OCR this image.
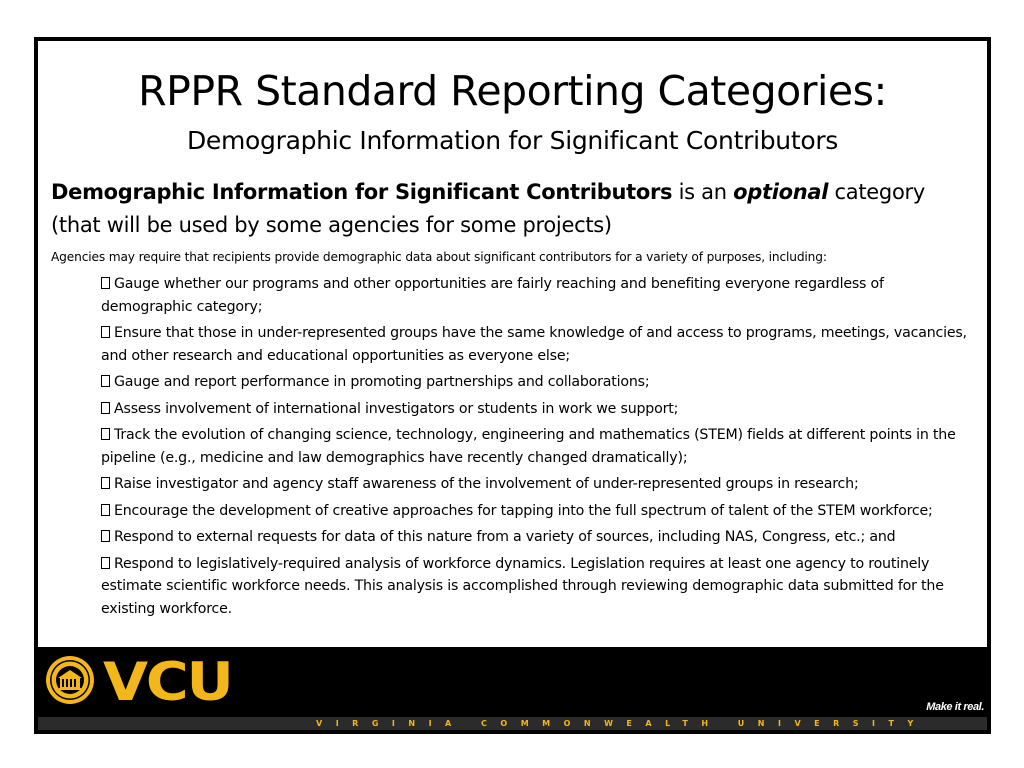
RPPR Standard Reporting Categories:
Demographic Information for Significant Contributors
Demographic Information for Significant Contributors is an optional category (that will be used by some agencies for some projects)
Agencies may require that recipients provide demographic data about significant contributors for a variety of purposes, including:
Gauge whether our programs and other opportunities are fairly reaching and benefiting everyone regardless of demographic category;
Ensure that those in under-represented groups have the same knowledge of and access to programs, meetings, vacancies, and other research and educational opportunities as everyone else;
Gauge and report performance in promoting partnerships and collaborations;
Assess involvement of international investigators or students in work we support;
Track the evolution of changing science, technology, engineering and mathematics (STEM) fields at different points in the pipeline (e.g., medicine and law demographics have recently changed dramatically);
Raise investigator and agency staff awareness of the involvement of under-represented groups in research;
Encourage the development of creative approaches for tapping into the full spectrum of talent of the STEM workforce;
Respond to external requests for data of this nature from a variety of sources, including NAS, Congress, etc.; and
Respond to legislatively-required analysis of workforce dynamics. Legislation requires at least one agency to routinely estimate scientific workforce needs. This analysis is accomplished through reviewing demographic data submitted for the existing workforce.
VCU	Make it real.
VIRGINIA COMMONWEALTH UNIVERSITY
